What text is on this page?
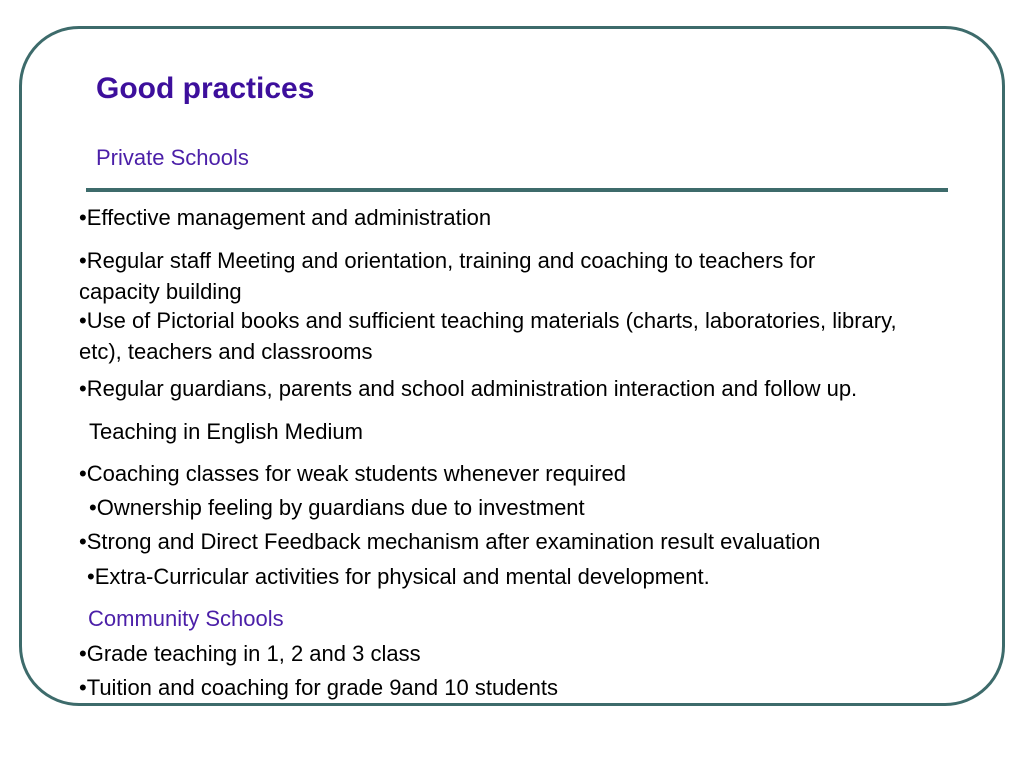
Good practices
Private Schools
•Effective management and administration
•Regular staff Meeting and orientation, training and coaching to teachers for
capacity building
•Use of Pictorial books and sufficient teaching materials (charts, laboratories, library,
etc), teachers and classrooms
•Regular guardians, parents and school administration interaction and follow up.
Teaching in English Medium
•Coaching classes for weak students whenever required
•Ownership feeling by guardians due to investment
•Strong and Direct Feedback mechanism after examination result evaluation
•Extra-Curricular activities for physical and mental development.
Community Schools
•Grade teaching in 1, 2 and 3 class
•Tuition and coaching for grade 9and 10 students
